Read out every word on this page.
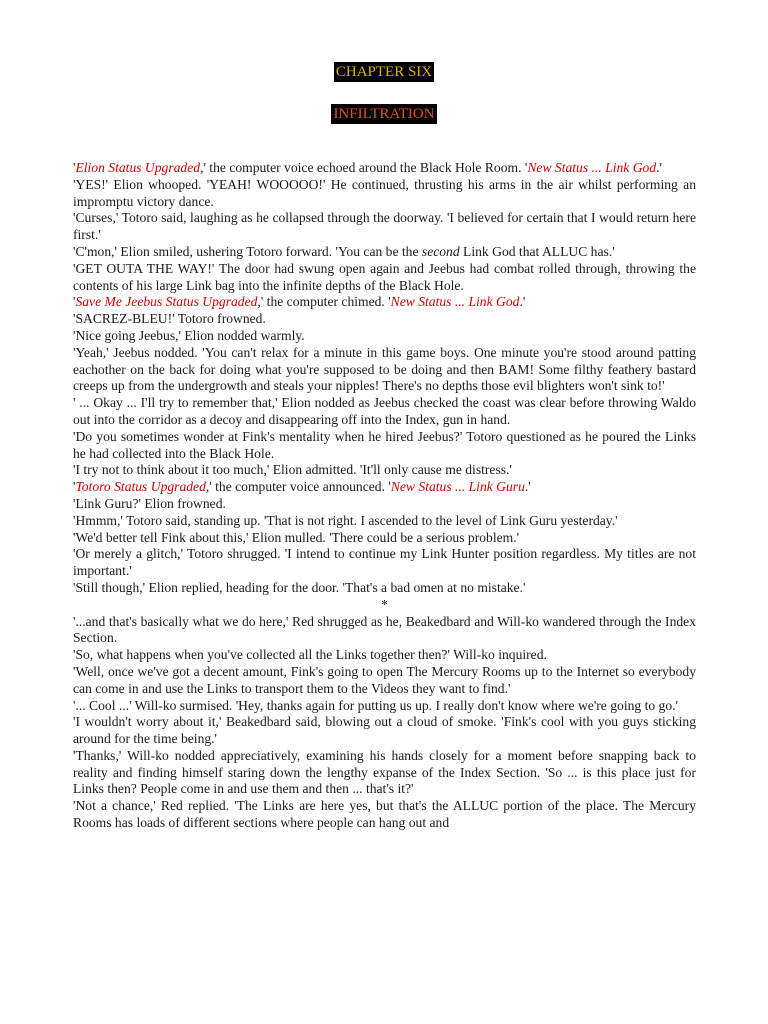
CHAPTER SIX
INFILTRATION

'Elion Status Upgraded,' the computer voice echoed around the Black Hole Room. 'New Status ... Link God.'

'YES!' Elion whooped. 'YEAH! WOOOOO!' He continued, thrusting his arms in the air whilst performing an impromptu victory dance.

'Curses,' Totoro said, laughing as he collapsed through the doorway. 'I believed for certain that I would return here first.'

'C'mon,' Elion smiled, ushering Totoro forward. 'You can be the second Link God that ALLUC has.'

'GET OUTA THE WAY!' The door had swung open again and Jeebus had combat rolled through, throwing the contents of his large Link bag into the infinite depths of the Black Hole.

'Save Me Jeebus Status Upgraded,' the computer chimed. 'New Status ... Link God.'

'SACREZ-BLEU!' Totoro frowned.

'Nice going Jeebus,' Elion nodded warmly.

'Yeah,' Jeebus nodded. 'You can't relax for a minute in this game boys. One minute you're stood around patting eachother on the back for doing what you're supposed to be doing and then BAM! Some filthy feathery bastard creeps up from the undergrowth and steals your nipples! There's no depths those evil blighters won't sink to!'

' ... Okay ... I'll try to remember that,' Elion nodded as Jeebus checked the coast was clear before throwing Waldo out into the corridor as a decoy and disappearing off into the Index, gun in hand.

'Do you sometimes wonder at Fink's mentality when he hired Jeebus?' Totoro questioned as he poured the Links he had collected into the Black Hole.

'I try not to think about it too much,' Elion admitted. 'It'll only cause me distress.'

'Totoro Status Upgraded,' the computer voice announced. 'New Status ... Link Guru.'

'Link Guru?' Elion frowned.

'Hmmm,' Totoro said, standing up. 'That is not right. I ascended to the level of Link Guru yesterday.'

'We'd better tell Fink about this,' Elion mulled. 'There could be a serious problem.'

'Or merely a glitch,' Totoro shrugged. 'I intend to continue my Link Hunter position regardless. My titles are not important.'

'Still though,' Elion replied, heading for the door. 'That's a bad omen at no mistake.'

*

'...and that's basically what we do here,' Red shrugged as he, Beakedbard and Will-ko wandered through the Index Section.

'So, what happens when you've collected all the Links together then?' Will-ko inquired.

'Well, once we've got a decent amount, Fink's going to open The Mercury Rooms up to the Internet so everybody can come in and use the Links to transport them to the Videos they want to find.'

'... Cool ...' Will-ko surmised. 'Hey, thanks again for putting us up. I really don't know where we're going to go.'

'I wouldn't worry about it,' Beakedbard said, blowing out a cloud of smoke. 'Fink's cool with you guys sticking around for the time being.'

'Thanks,' Will-ko nodded appreciatively, examining his hands closely for a moment before snapping back to reality and finding himself staring down the lengthy expanse of the Index Section. 'So ... is this place just for Links then? People come in and use them and then ... that's it?'

'Not a chance,' Red replied. 'The Links are here yes, but that's the ALLUC portion of the place. The Mercury Rooms has loads of different sections where people can hang out and
